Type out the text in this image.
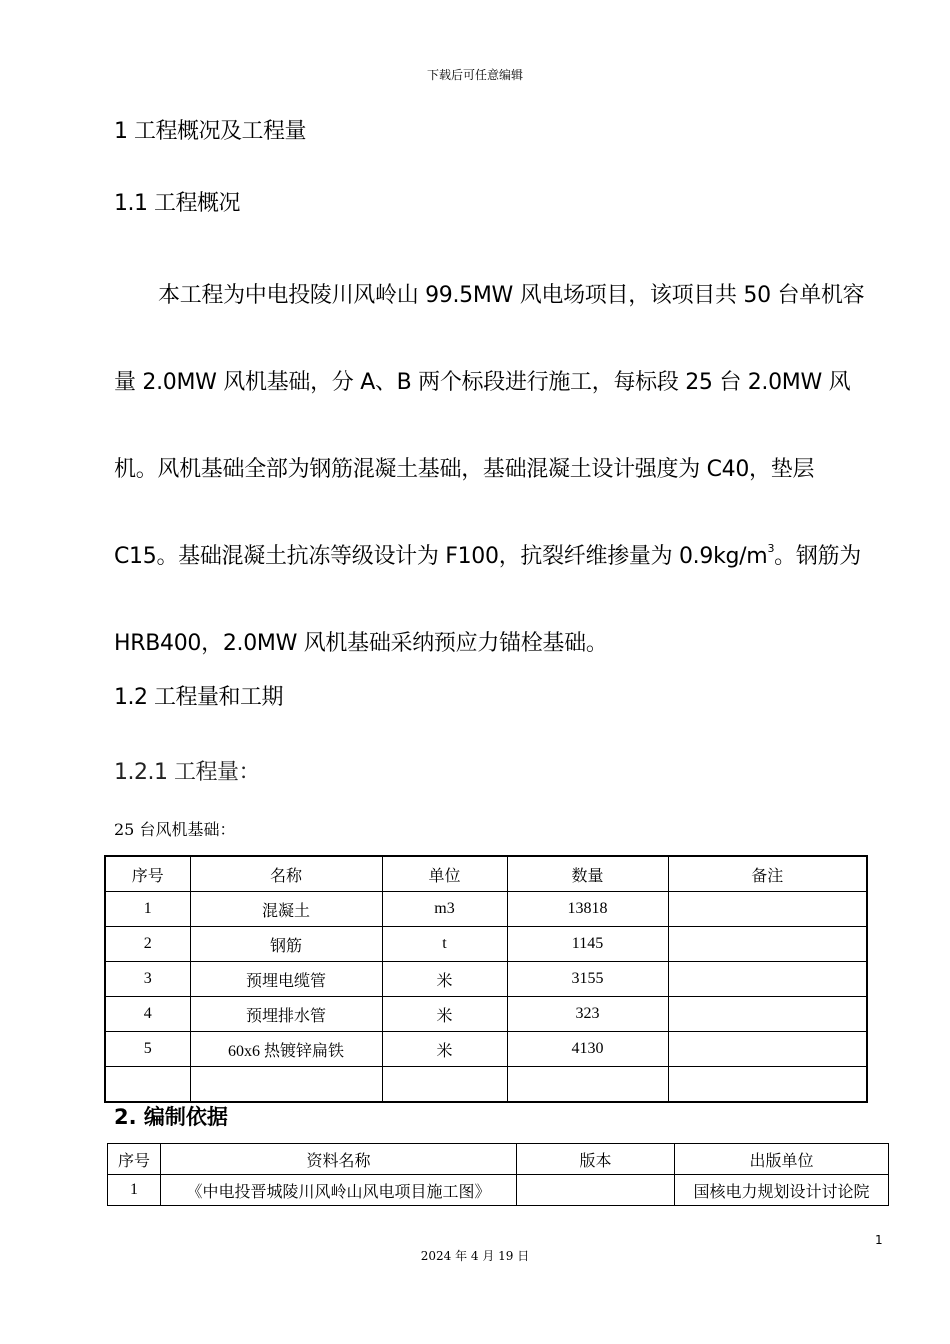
下载后可任意编辑
1 工程概况及工程量
1.1 工程概况

本工程为中电投陵川风岭山 99.5MW 风电场项目，该项目共 50 台单机容量 2.0MW 风机基础，分 A、B 两个标段进行施工，每标段 25 台 2.0MW 风机。风机基础全部为钢筋混凝土基础，基础混凝土设计强度为 C40，垫层 C15。基础混凝土抗冻等级设计为 F100，抗裂纤维掺量为 $0.9kg/m^3$。钢筋为 HRB400，2.0MW 风机基础采纳预应力锚栓基础。

1.2 工程量和工期
1.2.1 工程量：
25 台风机基础：
序号	名称	单位	数量	备注
1	混凝土	m3	13818	
2	钢筋	t	1145	
3	预埋电缆管	米	3155	
4	预埋排水管	米	323	
5	60x6 热镀锌扁铁	米	4130	

2. 编制依据
序号	资料名称	版本	出版单位
1	《中电投晋城陵川风岭山风电项目施工图》		国核电力规划设计讨论院
1
2024 年 4 月 19 日
